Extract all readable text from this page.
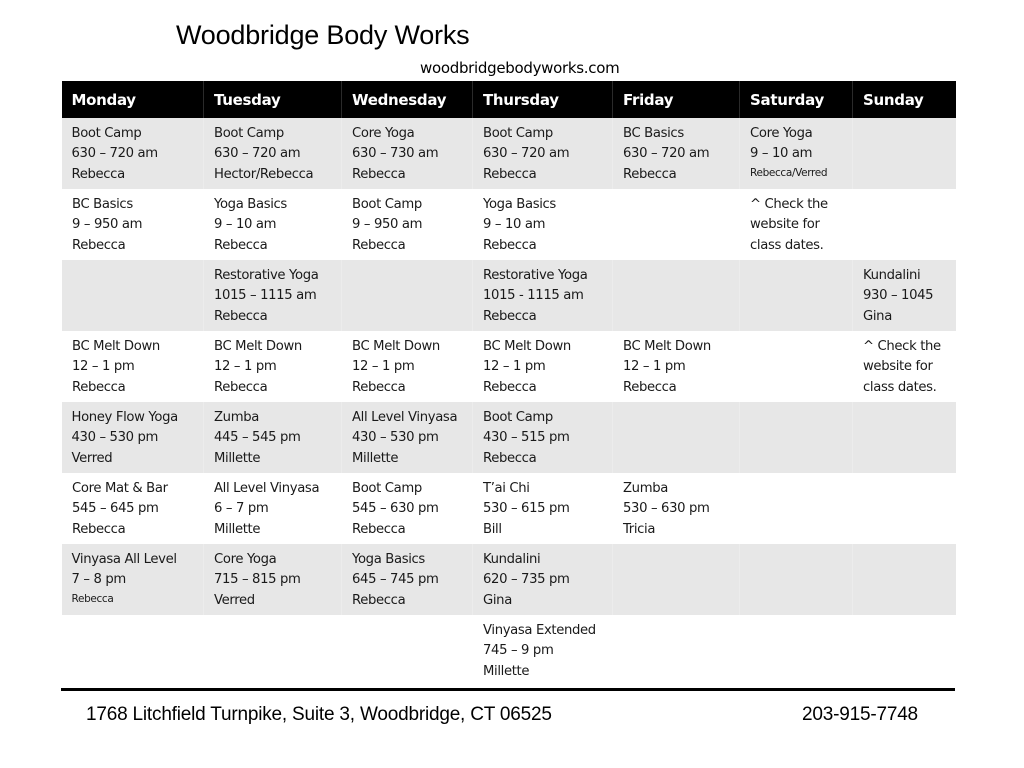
Woodbridge Body Works
woodbridgebodyworks.com
Monday	Tuesday	Wednesday	Thursday	Friday	Saturday	Sunday

Boot Camp
630 – 720 am
Rebecca	Boot Camp
630 – 720 am
Hector/Rebecca	Core Yoga
630 – 730 am
Rebecca	Boot Camp
630 – 720 am
Rebecca	BC Basics
630 – 720 am
Rebecca	Core Yoga
9 – 10 am
Rebecca/Verred	

BC Basics
9 – 950 am
Rebecca	Yoga Basics
9 – 10 am
Rebecca	Boot Camp
9 – 950 am
Rebecca	Yoga Basics
9 – 10 am
Rebecca		^ Check the
website for
class dates.	

	Restorative Yoga
1015 – 1115 am
Rebecca		Restorative Yoga
1015 - 1115 am
Rebecca			Kundalini
930 – 1045
Gina

BC Melt Down
12 – 1 pm
Rebecca	BC Melt Down
12 – 1 pm
Rebecca	BC Melt Down
12 – 1 pm
Rebecca	BC Melt Down
12 – 1 pm
Rebecca	BC Melt Down
12 – 1 pm
Rebecca		^ Check the
website for
class dates.

Honey Flow Yoga
430 – 530 pm
Verred	Zumba
445 – 545 pm
Millette	All Level Vinyasa
430 – 530 pm
Millette	Boot Camp
430 – 515 pm
Rebecca			

Core Mat & Bar
545 – 645 pm
Rebecca	All Level Vinyasa
6 – 7 pm
Millette	Boot Camp
545 – 630 pm
Rebecca	T’ai Chi
530 – 615 pm
Bill	Zumba
530 – 630 pm
Tricia		

Vinyasa All Level
7 – 8 pm
Rebecca	Core Yoga
715 – 815 pm
Verred	Yoga Basics
645 – 745 pm
Rebecca	Kundalini
620 – 735 pm
Gina			

			Vinyasa Extended
745 – 9 pm
Millette			

1768 Litchfield Turnpike, Suite 3, Woodbridge, CT 06525	203-915-7748
